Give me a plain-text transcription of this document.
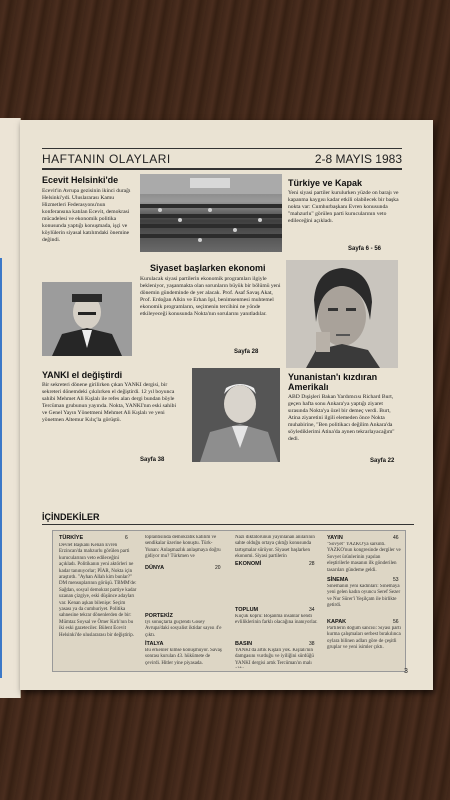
HAFTANIN OLAYLARI	2-8 MAYIS 1983
Ecevit Helsinki'de
Ecevit'in Avrupa gezisinin ikinci durağı Helsinki'ydi. Uluslararası Kamu Hizmetleri Federasyonu'nun konferansına katılan Ecevit, demokrasi mücadelesi ve ekonomik politika konusunda yaptığı konuşmada, işçi ve köylülerin siyasal katılımdaki önemine değindi.
Türkiye ve Kapak
Yeni siyasi partiler kurulurken yüzde on barajı ve kapanma kaygısı kadar etkili olabilecek bir başka nokta var: Cumhurbaşkanı Evren konusunda "mahzurlu" görülen parti kurucularının veto edileceğini açıkladı.
Sayfa 6 - 56
Siyaset başlarken ekonomi
Kurulacak siyasi partilerin ekonomik programları ilgiyle bekleniyor, yaşanmakta olan sorunların büyük bir bölümü yeni dönemin gündeminde de yer alacak. Prof. Asaf Savaş Akat, Prof. Erdoğan Alkin ve Erhan Işıl, benimsenmesi muhtemel ekonomik programların, seçimenin tercihini ne yönde etkileyeceği konusunda Nokta'nın sorularını yanıtladılar.
Sayfa 28
Yunanistan'ı kızdıran Amerikalı
ABD Dışişleri Bakan Yardımcısı Richard Burt, geçen hafta sonu Ankara'ya yaptığı ziyaret sırasında Nokta'ya özel bir demeç verdi. Burt, Atina ziyaretini ilgili elemeden önce Nokta muhabirine, "Ben politikacı değilim Ankara'da söylediklerimi Atina'da aynen tekrarlayacağım" dedi.
Sayfa 22
YANKI el değiştirdi
Bir sekreteri dönene girilirken çıkan YANKI dergisi, bir sekreteri dönemdeki çıkılırken el değiştirdi. 12 yıl boyunca sahibi Mehmet Ali Kışlalı ile refes alan dergi bundan böyle Tercüman grubunun yayında. Nokta, YANKI'nın eski sahibi ve Genel Yayın Yönetmeni Mehmet Ali Kışlalı ve yeni yönetmen Altemur Kılıç'la görüştü.
Sayfa 38
İÇİNDEKİLER
TÜRKİYE	6
Devlet Başkanı Kenan Evren Erzincan'da mahzurlu görülen parti kurucularının veto edileceğini açıkladı. Politikanın yeni aktörleri ne kadar tanınıyorlar; PİAR, Nokta için araştırdı. "Ayhan Allah kim bunlar?" DM mensuplarının görüşü. TBMM'de: Sağdan, sosyal demokrat partiye kadar uzanan çizgiye, eski düşünce adayları var. Kenan aşkan bilenişe: Seçim yasası ya da cumhuriyet. Politika sahnesine tekrar dönenlerden de bir: Mümtaz Soysal ve Ömer Kırlı'nın bu iki eski gazeteciler. Bülent Ecevit Helsinki'de uluslararası bir değiştirip.
toplantısında demokratik katılım ve sendikalar üzerine konuştu. Türk-Yunan: Anlaşmazlık anlaşmaya doğru gidiyor mu? Türkmen ve
DÜNYA	20
PORTEKİZ
İyi sonuçlarla güçlendi Gösey Avrupa'daki sosyalist iktidar sayısı 4'e çıktı.
İTALYA
Bu erkenler kimse konuşmuyor. Savaş sonrası kurulan 43. hükümete de çevirdi. Hitler yine piyasada.
Nazi diktatörünün yayınlanan anılarının sahte olduğu ortaya çıktığı konusunda tartışmalar sürüyor. Siyaset başlarken ekonomi. Siyasi partilerin
EKONOMİ	28
TOPLUM	34
Küçük köprü: Boşanma insanlar kendi evliliklerinin farklı olacağına inanıyorlar.
BASIN	38
YANKI'da artık Kışlalı yok. Kışlalı'nın damgasını vurduğu ve iyiliğini sürdüğü YANKI dergisi artık Tercüman'ın malı
YAYIN	46
"Sovyet" YAZKO'ya sarsıntı. YAZKO'nun kongresinde dergiler ve Sovyet ürünlerinin yapılan eleştirilerle masanın ilk gönderilen tasarıları gündeme geldi.
SİNEMA	53
Sinemanın yeni kadınları: Sinemaya yeni gelen kadın oyuncu Seref Sezer ve Nur Sürer'i Yeşilçam ile birlikte getirdi.
KAPAK	56
Partilerin doğum sancısı: Siyasi parti kurma çalışmaları serbest bırakılınca oylara bilinen adları göre de çeşitli gruplar ve yeni isimler çıktı.
3
